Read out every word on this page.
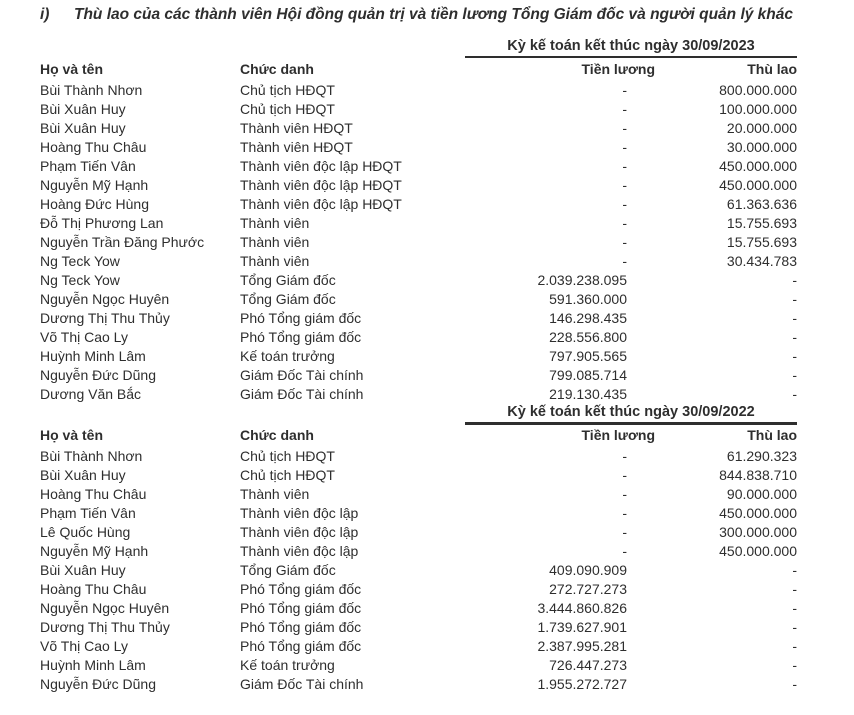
i) Thù lao của các thành viên Hội đồng quản trị và tiền lương Tổng Giám đốc và người quản lý khác
Kỳ kế toán kết thúc ngày 30/09/2023
Họ và tên	Chức danh	Tiền lương	Thù lao
Bùi Thành Nhơn	Chủ tịch HĐQT	-	800.000.000
Bùi Xuân Huy	Chủ tịch HĐQT	-	100.000.000
Bùi Xuân Huy	Thành viên HĐQT	-	20.000.000
Hoàng Thu Châu	Thành viên HĐQT	-	30.000.000
Phạm Tiến Vân	Thành viên độc lập HĐQT	-	450.000.000
Nguyễn Mỹ Hạnh	Thành viên độc lập HĐQT	-	450.000.000
Hoàng Đức Hùng	Thành viên độc lập HĐQT	-	61.363.636
Đỗ Thị Phương Lan	Thành viên	-	15.755.693
Nguyễn Trần Đăng Phước	Thành viên	-	15.755.693
Ng Teck Yow	Thành viên	-	30.434.783
Ng Teck Yow	Tổng Giám đốc	2.039.238.095	-
Nguyễn Ngọc Huyên	Tổng Giám đốc	591.360.000	-
Dương Thị Thu Thủy	Phó Tổng giám đốc	146.298.435	-
Võ Thị Cao Ly	Phó Tổng giám đốc	228.556.800	-
Huỳnh Minh Lâm	Kế toán trưởng	797.905.565	-
Nguyễn Đức Dũng	Giám Đốc Tài chính	799.085.714	-
Dương Văn Bắc	Giám Đốc Tài chính	219.130.435	-
Kỳ kế toán kết thúc ngày 30/09/2022
Họ và tên	Chức danh	Tiền lương	Thù lao
Bùi Thành Nhơn	Chủ tịch HĐQT	-	61.290.323
Bùi Xuân Huy	Chủ tịch HĐQT	-	844.838.710
Hoàng Thu Châu	Thành viên	-	90.000.000
Phạm Tiến Vân	Thành viên độc lập	-	450.000.000
Lê Quốc Hùng	Thành viên độc lập	-	300.000.000
Nguyễn Mỹ Hạnh	Thành viên độc lập	-	450.000.000
Bùi Xuân Huy	Tổng Giám đốc	409.090.909	-
Hoàng Thu Châu	Phó Tổng giám đốc	272.727.273	-
Nguyễn Ngọc Huyên	Phó Tổng giám đốc	3.444.860.826	-
Dương Thị Thu Thủy	Phó Tổng giám đốc	1.739.627.901	-
Võ Thị Cao Ly	Phó Tổng giám đốc	2.387.995.281	-
Huỳnh Minh Lâm	Kế toán trưởng	726.447.273	-
Nguyễn Đức Dũng	Giám Đốc Tài chính	1.955.272.727	-
